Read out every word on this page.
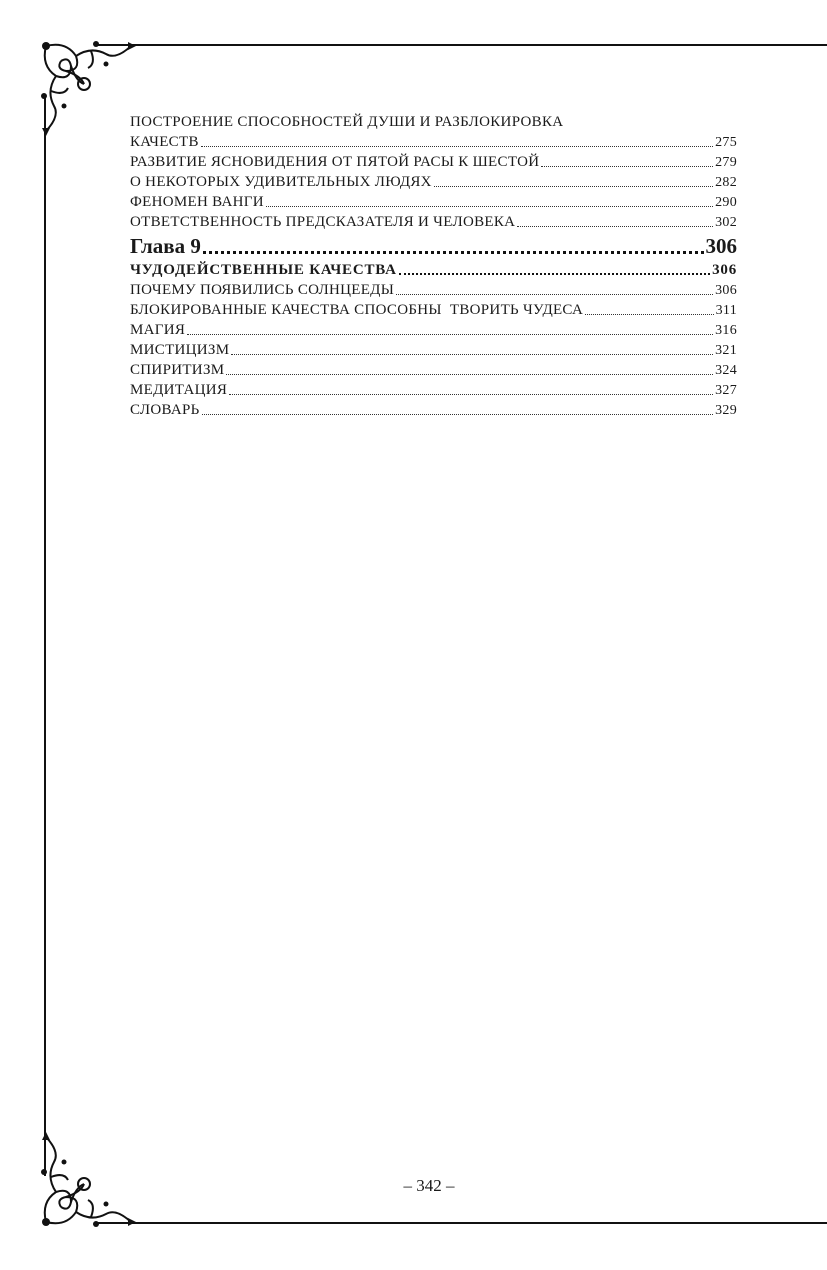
ПОСТРОЕНИЕ СПОСОБНОСТЕЙ ДУШИ И РАЗБЛОКИРОВКА
КАЧЕСТВ	275
РАЗВИТИЕ ЯСНОВИДЕНИЯ ОТ ПЯТОЙ РАСЫ К ШЕСТОЙ	279
О НЕКОТОРЫХ УДИВИТЕЛЬНЫХ ЛЮДЯХ	282
ФЕНОМЕН ВАНГИ	290
ОТВЕТСТВЕННОСТЬ ПРЕДСКАЗАТЕЛЯ И ЧЕЛОВЕКА	302
Глава 9	306
ЧУДОДЕЙСТВЕННЫЕ КАЧЕСТВА	306
ПОЧЕМУ ПОЯВИЛИСЬ СОЛНЦЕЕДЫ	306
БЛОКИРОВАННЫЕ КАЧЕСТВА СПОСОБНЫ  ТВОРИТЬ ЧУДЕСА	311
МАГИЯ	316
МИСТИЦИЗМ	321
СПИРИТИЗМ	324
МЕДИТАЦИЯ	327
СЛОВАРЬ	329
– 342 –
